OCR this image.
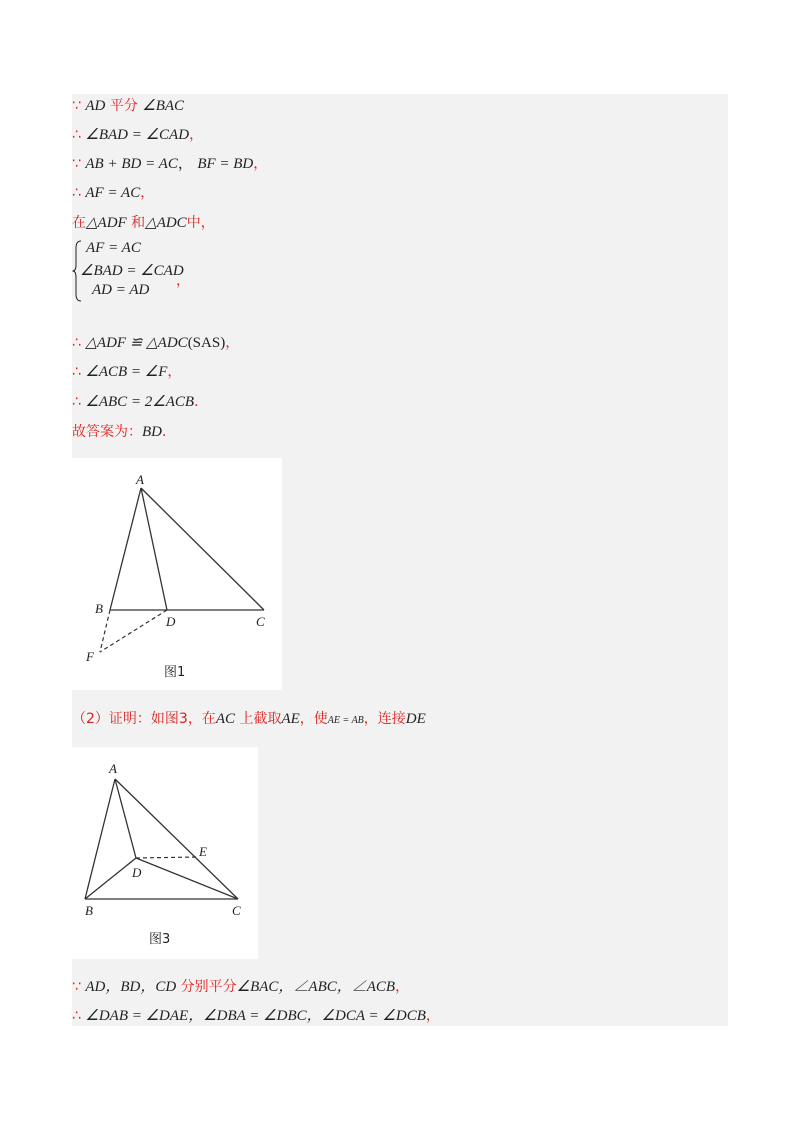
∵ AD 平分 ∠BAC
∴ ∠BAD = ∠CAD，
∵ AB + BD = AC， BF = BD，
∴ AF = AC，
在△ADF 和△ADC中，
AF = AC
∠BAD = ∠CAD
AD = AD
，
∴ △ADF ≌ △ADC(SAS)，
∴ ∠ACB = ∠F，
∴ ∠ABC = 2∠ACB．
故答案为：BD．
A
B
D	C
F
图1
（2）证明：如图3，在AC 上截取AE，使AE = AB，连接DE
A
B
D
E
C
图3
∵ AD，BD，CD 分别平分∠BAC，∠ABC，∠ACB，
∴ ∠DAB = ∠DAE，∠DBA = ∠DBC，∠DCA = ∠DCB，
